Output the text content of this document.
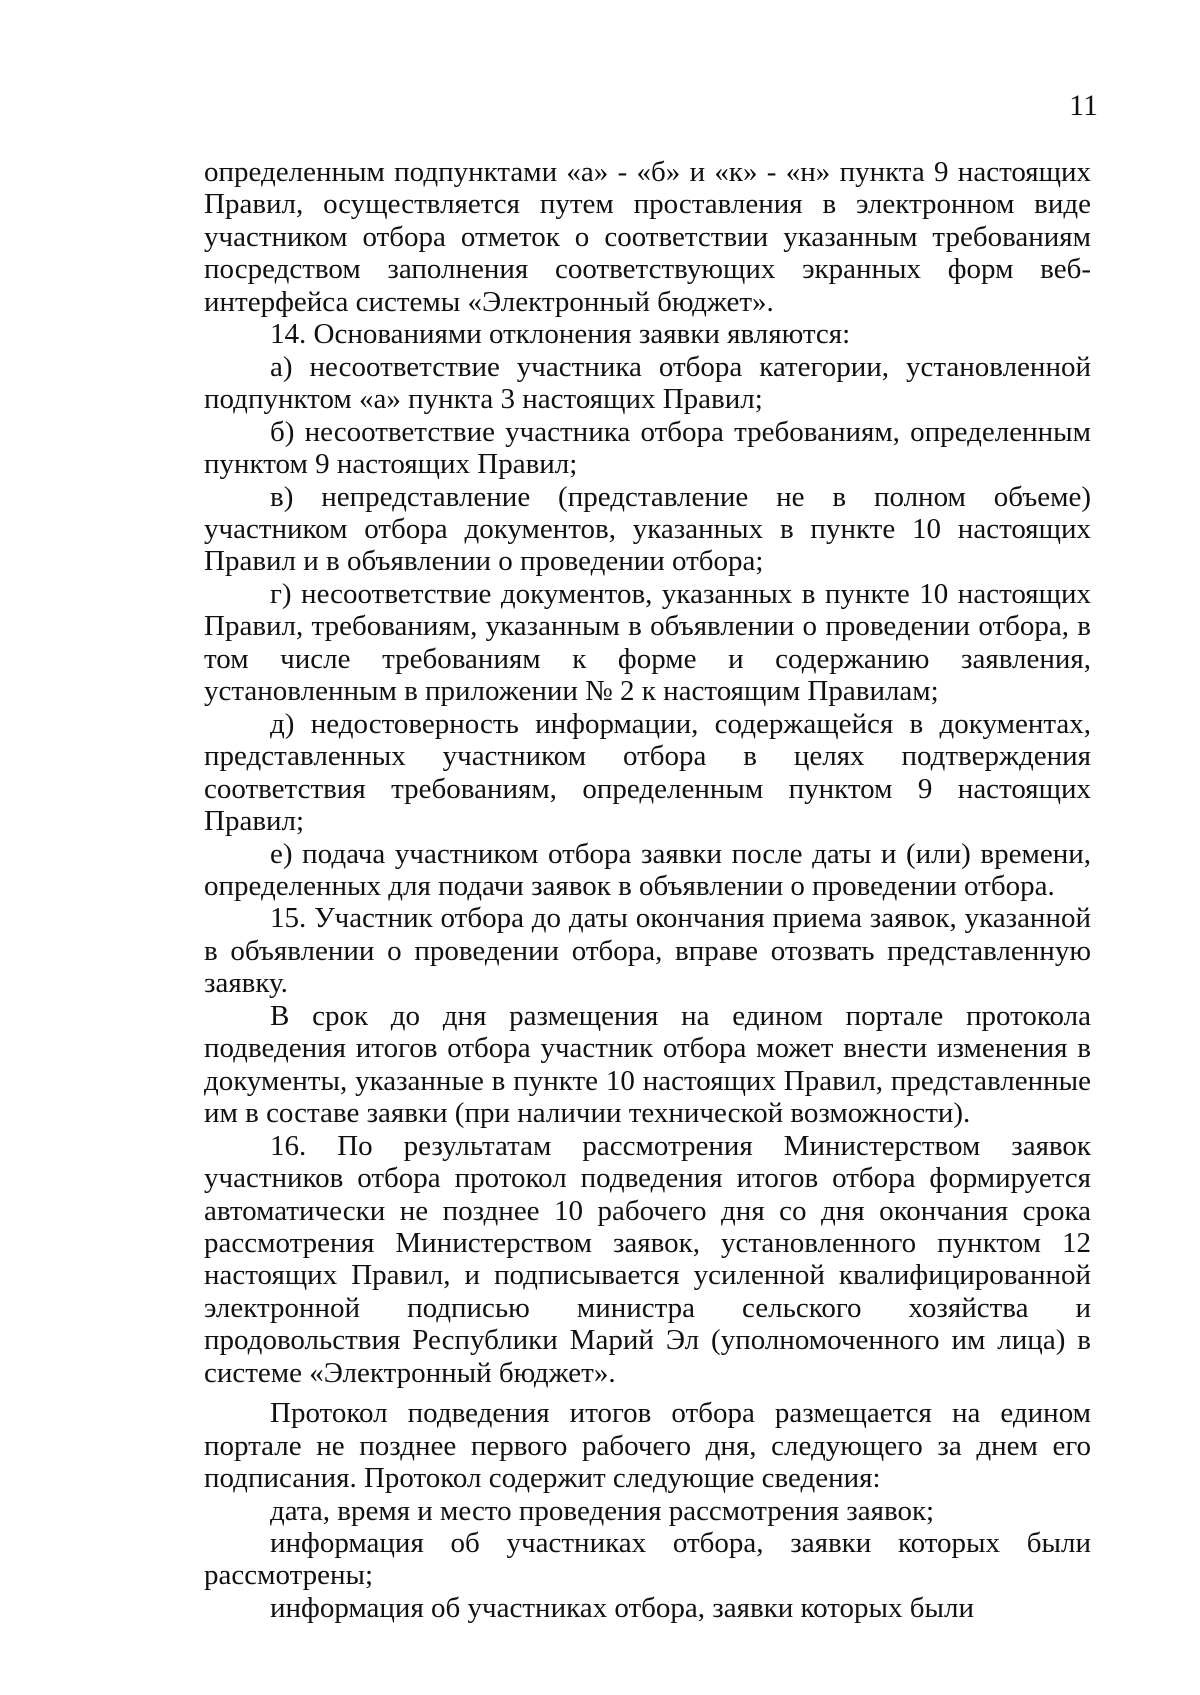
11

определенным подпунктами «а» - «б» и «к» - «н» пункта 9 настоящих Правил, осуществляется путем проставления в электронном виде участником отбора отметок о соответствии указанным требованиям посредством заполнения соответствующих экранных форм веб-интерфейса системы «Электронный бюджет».

14. Основаниями отклонения заявки являются:

а) несоответствие участника отбора категории, установленной подпунктом «а» пункта 3 настоящих Правил;

б) несоответствие участника отбора требованиям, определенным пунктом 9 настоящих Правил;

в) непредставление (представление не в полном объеме) участником отбора документов, указанных в пункте 10 настоящих Правил и в объявлении о проведении отбора;

г) несоответствие документов, указанных в пункте 10 настоящих Правил, требованиям, указанным в объявлении о проведении отбора, в том числе требованиям к форме и содержанию заявления, установленным в приложении № 2 к настоящим Правилам;

д) недостоверность информации, содержащейся в документах, представленных участником отбора в целях подтверждения соответствия требованиям, определенным пунктом 9 настоящих Правил;

е) подача участником отбора заявки после даты и (или) времени, определенных для подачи заявок в объявлении о проведении отбора.

15. Участник отбора до даты окончания приема заявок, указанной в объявлении о проведении отбора, вправе отозвать представленную заявку.

В срок до дня размещения на едином портале протокола подведения итогов отбора участник отбора может внести изменения в документы, указанные в пункте 10 настоящих Правил, представленные им в составе заявки (при наличии технической возможности).

16. По результатам рассмотрения Министерством заявок участников отбора протокол подведения итогов отбора формируется автоматически не позднее 10 рабочего дня со дня окончания срока рассмотрения Министерством заявок, установленного пунктом 12 настоящих Правил, и подписывается усиленной квалифицированной электронной подписью министра сельского хозяйства и продовольствия Республики Марий Эл (уполномоченного им лица) в системе «Электронный бюджет».

Протокол подведения итогов отбора размещается на едином портале не позднее первого рабочего дня, следующего за днем его подписания. Протокол содержит следующие сведения:

дата, время и место проведения рассмотрения заявок;

информация об участниках отбора, заявки которых были рассмотрены;

информация об участниках отбора, заявки которых были
